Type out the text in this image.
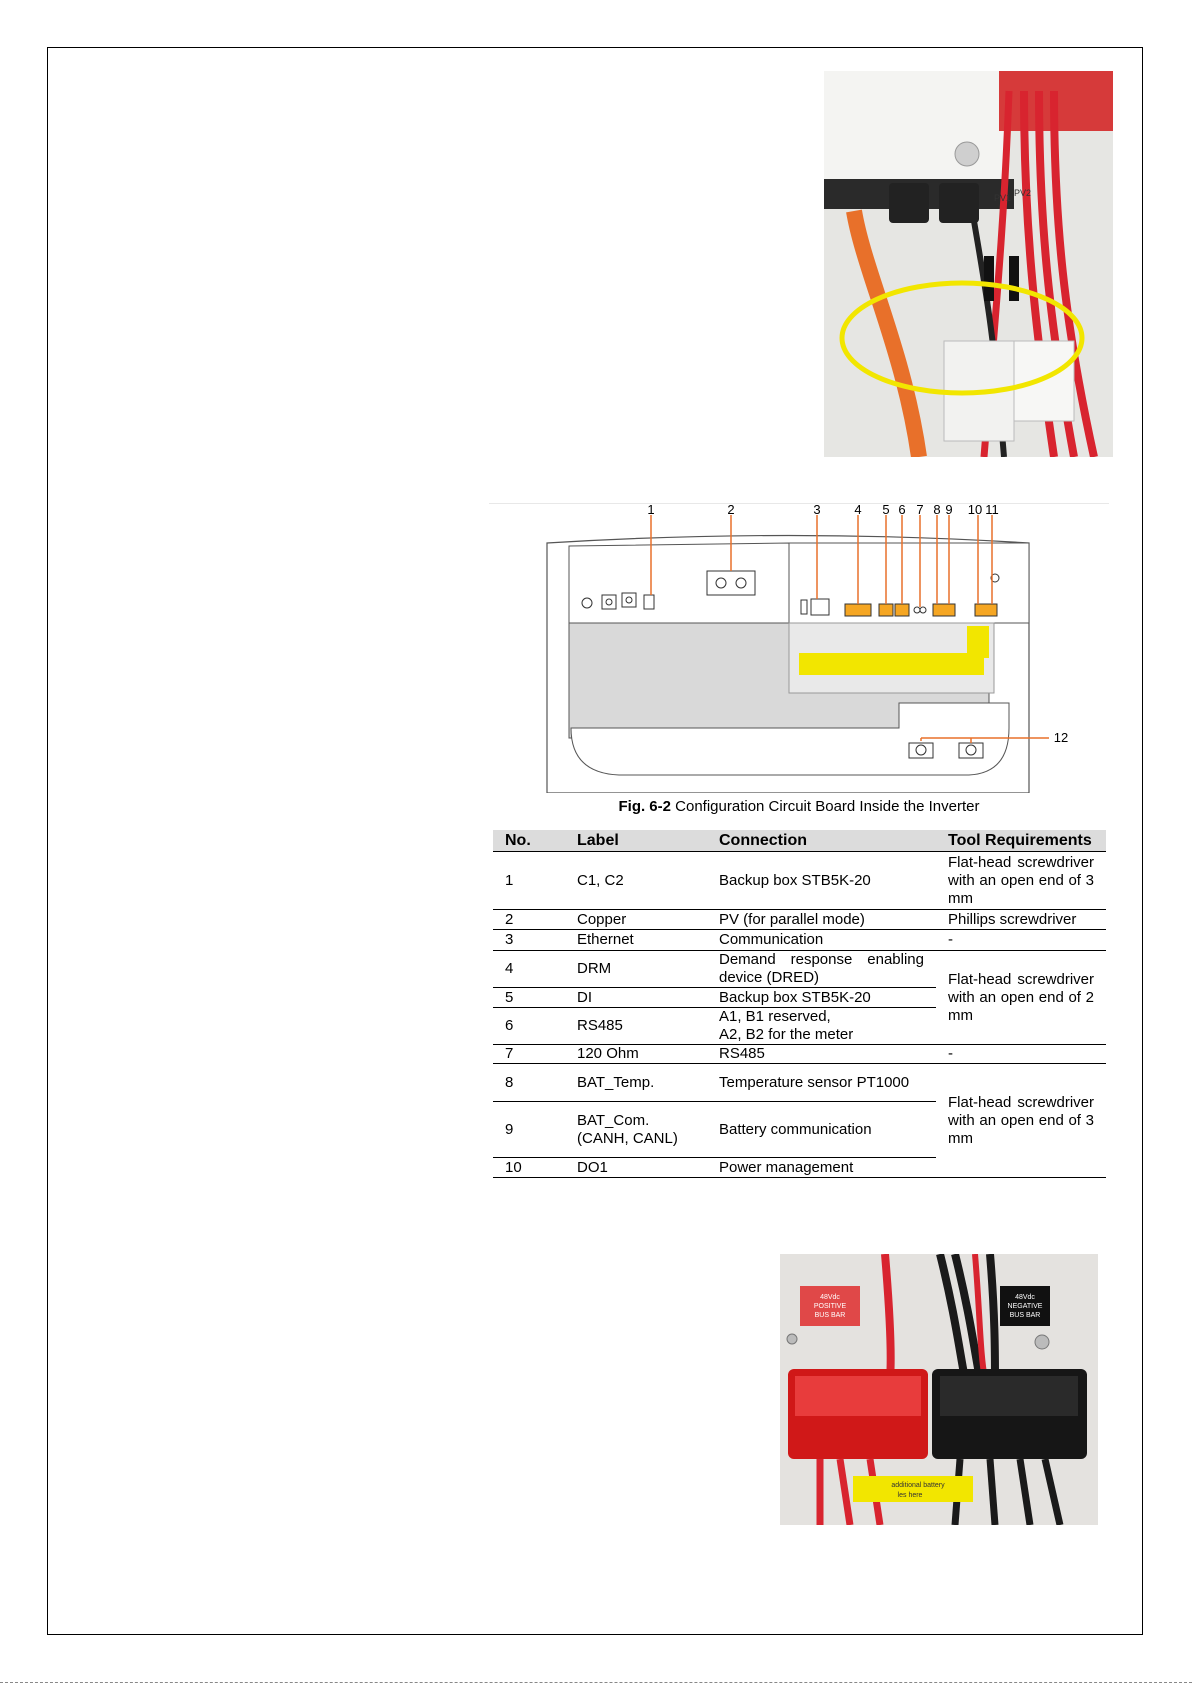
PV1 PV2
1	2	3	4 5 6 7 8 9 10 11
12
Fig. 6-2 Configuration Circuit Board Inside the Inverter
No.	Label	Connection	Tool Requirements
1	C1, C2	Backup box STB5K-20	Flat-head screwdriver with an open end of 3 mm
2	Copper	PV (for parallel mode)	Phillips screwdriver
3	Ethernet	Communication	-
4	DRM	Demand response enabling device (DRED)	Flat-head screwdriver with an open end of 2 mm
5	DI	Backup box STB5K-20	
6	RS485	A1, B1 reserved,
A2, B2 for the meter	
7	120 Ohm	RS485	-
8	BAT_Temp.	Temperature sensor PT1000	Flat-head screwdriver with an open end of 3 mm
9	BAT_Com. (CANH, CANL)	Battery communication	
10	DO1	Power management	
48Vdc
POSITIVE
BUS BAR
48Vdc
NEGATIVE
BUS BAR
additional battery
les here
